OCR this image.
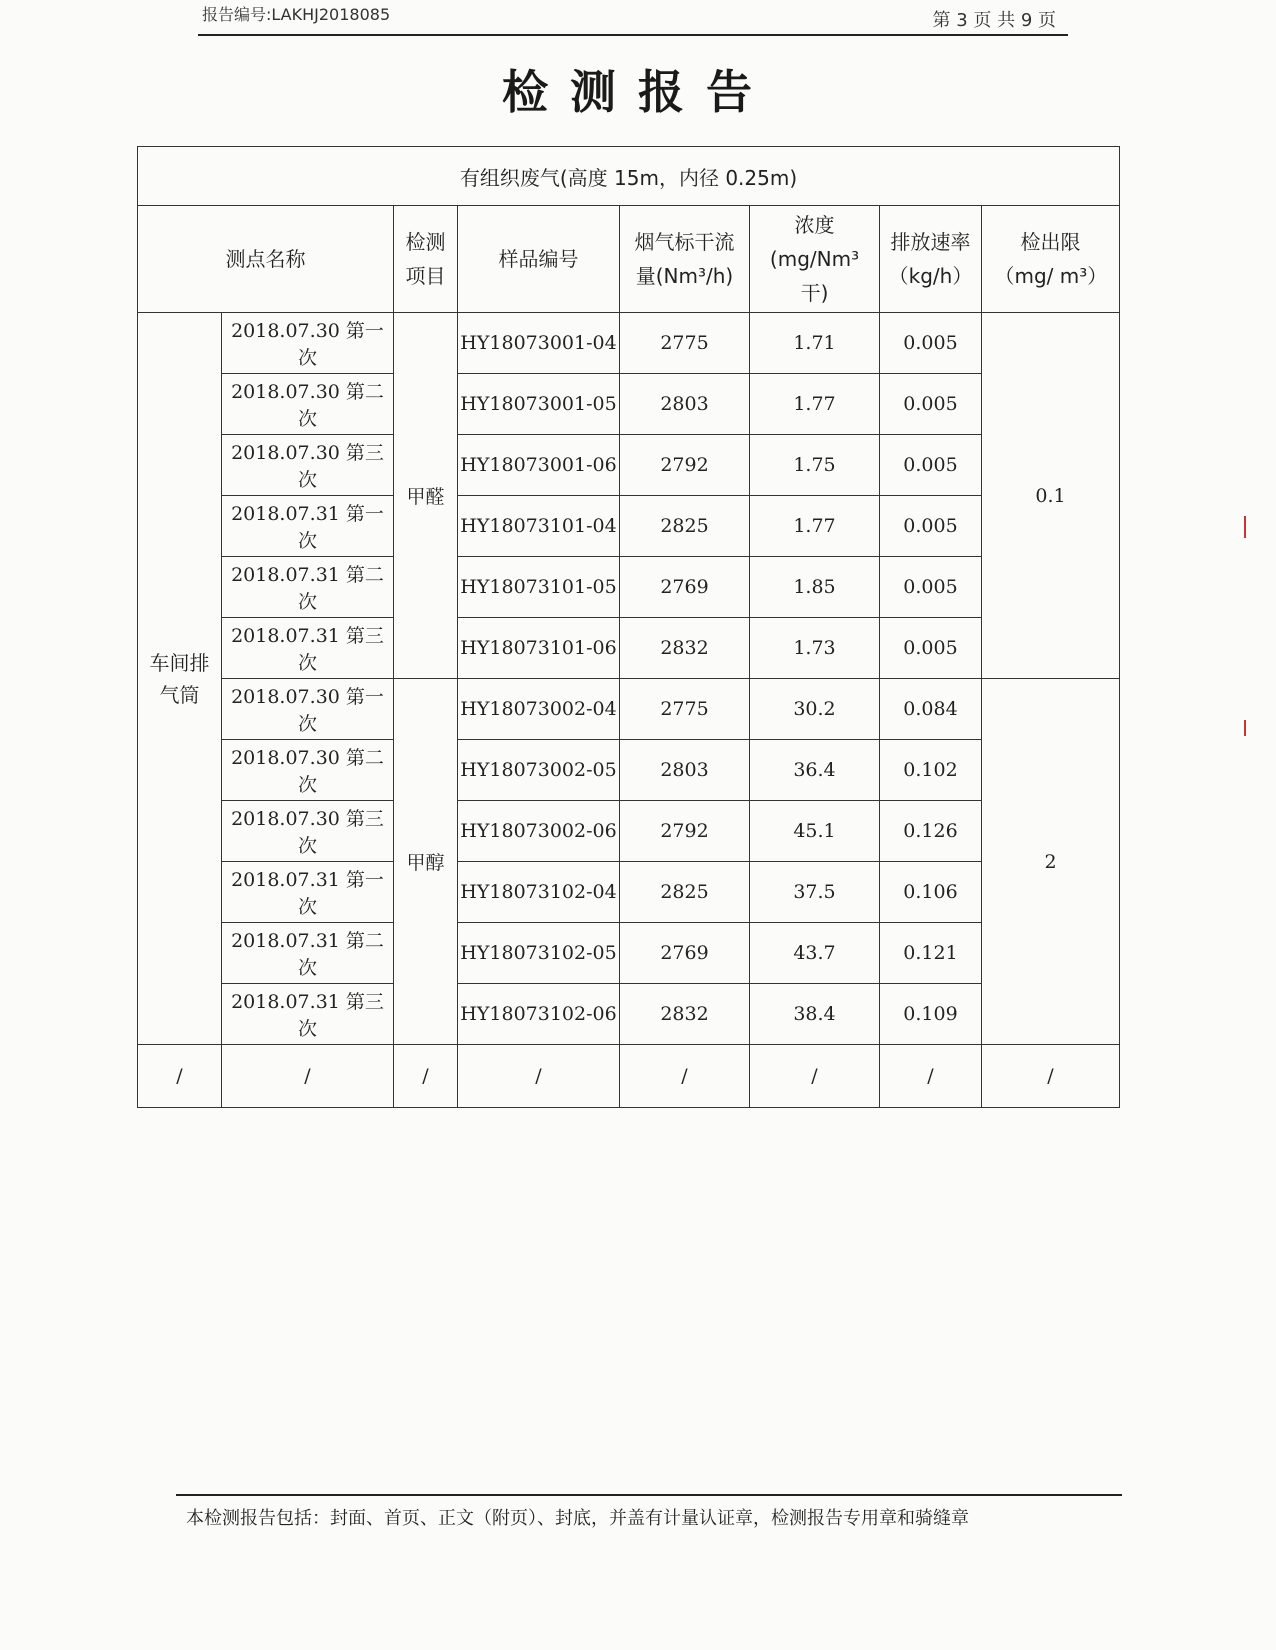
报告编号:LAKHJ2018085	第 3 页 共 9 页
检测报告
有组织废气(高度 15m，内径 0.25m)							
测点名称		检测项目	样品编号	烟气标干流量(Nm³/h)	浓度(mg/Nm³ 干)	排放速率（kg/h）	检出限（mg/ m³）
车间排气筒	2018.07.30 第一次	甲醛	HY18073001-04	2775	1.71	0.005	0.1
	2018.07.30 第二次		HY18073001-05	2803	1.77	0.005	
	2018.07.30 第三次		HY18073001-06	2792	1.75	0.005	
	2018.07.31 第一次		HY18073101-04	2825	1.77	0.005	
	2018.07.31 第二次		HY18073101-05	2769	1.85	0.005	
	2018.07.31 第三次		HY18073101-06	2832	1.73	0.005	
	2018.07.30 第一次	甲醇	HY18073002-04	2775	30.2	0.084	2
	2018.07.30 第二次		HY18073002-05	2803	36.4	0.102	
	2018.07.30 第三次		HY18073002-06	2792	45.1	0.126	
	2018.07.31 第一次		HY18073102-04	2825	37.5	0.106	
	2018.07.31 第二次		HY18073102-05	2769	43.7	0.121	
	2018.07.31 第三次		HY18073102-06	2832	38.4	0.109	
/	/	/	/	/	/	/	/
本检测报告包括：封面、首页、正文（附页）、封底，并盖有计量认证章，检测报告专用章和骑缝章
